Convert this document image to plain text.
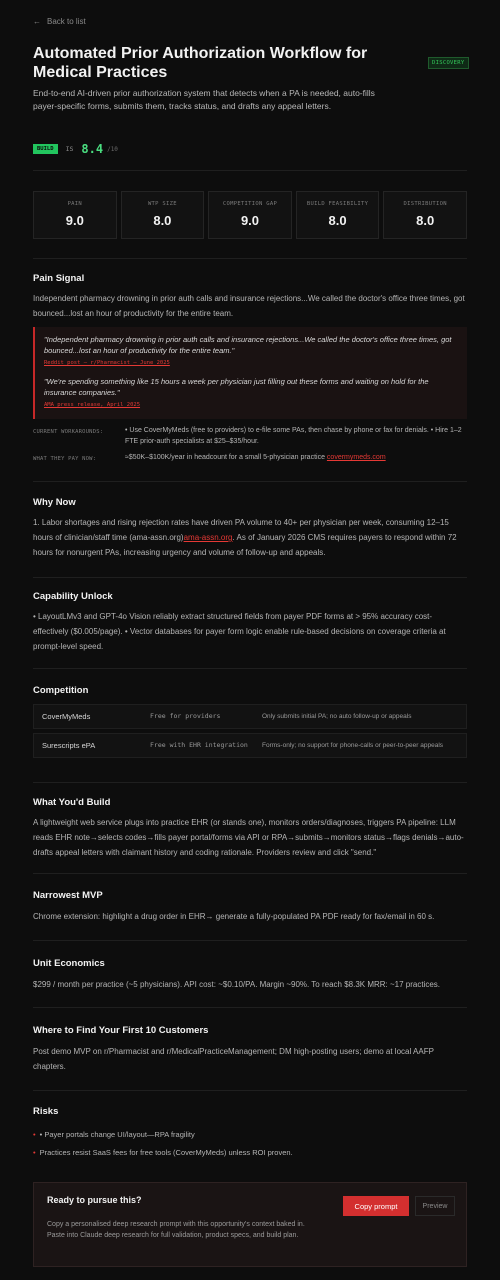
← Back to list
Automated Prior Authorization Workflow for Medical Practices
DISCOVERY
End-to-end AI-driven prior authorization system that detects when a PA is needed, auto-fills payer-specific forms, submits them, tracks status, and drafts any appeal letters.
BUILD	IS 8.4 /10
PAIN
9.0
WTP SIZE
8.0
COMPETITION GAP
9.0
BUILD FEASIBILITY
8.0
DISTRIBUTION
8.0
Pain Signal
Independent pharmacy drowning in prior auth calls and insurance rejections...We called the doctor's office three times, got bounced...lost an hour of productivity for the entire team.
"Independent pharmacy drowning in prior auth calls and insurance rejections...We called the doctor's office three times, got bounced...lost an hour of productivity for the entire team."
Reddit post – r/Pharmacist – June 2025
"We're spending something like 15 hours a week per physician just filling out these forms and waiting on hold for the insurance companies."
AMA press release, April 2025
CURRENT WORKAROUNDS:	• Use CoverMyMeds (free to providers) to e-file some PAs, then chase by phone or fax for denials. • Hire 1–2 FTE prior-auth specialists at $25–$35/hour.
WHAT THEY PAY NOW:	≈$50K–$100K/year in headcount for a small 5-physician practice covermymeds.com
Why Now
1. Labor shortages and rising rejection rates have driven PA volume to 40+ per physician per week, consuming 12–15 hours of clinician/staff time (ama-assn.org)ama-assn.org. As of January 2026 CMS requires payers to respond within 72 hours for nonurgent PAs, increasing urgency and volume of follow-up and appeals.
Capability Unlock
• LayoutLMv3 and GPT-4o Vision reliably extract structured fields from payer PDF forms at > 95% accuracy cost-effectively ($0.005/page). • Vector databases for payer form logic enable rule-based decisions on coverage criteria at prompt-level speed.
Competition
CoverMyMeds	Free for providers	Only submits initial PA; no auto follow-up or appeals
Surescripts ePA	Free with EHR integration	Forms-only; no support for phone-calls or peer-to-peer appeals
What You'd Build
A lightweight web service plugs into practice EHR (or stands one), monitors orders/diagnoses, triggers PA pipeline: LLM reads EHR note→selects codes→fills payer portal/forms via API or RPA→submits→monitors status→flags denials→auto-drafts appeal letters with claimant history and coding rationale. Providers review and click "send."
Narrowest MVP
Chrome extension: highlight a drug order in EHR→ generate a fully-populated PA PDF ready for fax/email in 60 s.
Unit Economics
$299 / month per practice (~5 physicians). API cost: ~$0.10/PA. Margin ~90%. To reach $8.3K MRR: ~17 practices.
Where to Find Your First 10 Customers
Post demo MVP on r/Pharmacist and r/MedicalPracticeManagement; DM high-posting users; demo at local AAFP chapters.
Risks
• • Payer portals change UI/layout—RPA fragility
• Practices resist SaaS fees for free tools (CoverMyMeds) unless ROI proven.
Ready to pursue this?
Copy a personalised deep research prompt with this opportunity's context baked in. Paste into Claude deep research for full validation, product specs, and build plan.
Copy prompt	Preview
